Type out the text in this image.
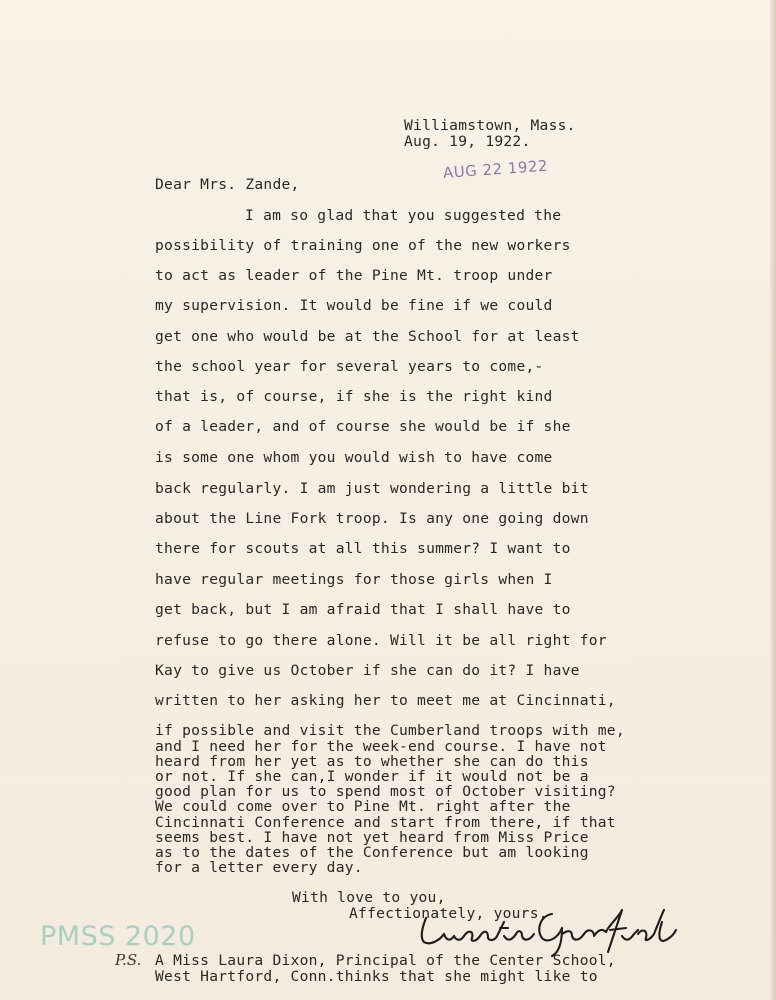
Williamstown, Mass.
Aug. 19, 1922.
AUG 22 1922
Dear Mrs. Zande,
I am so glad that you suggested the
possibility of training one of the new workers
to act as leader of the Pine Mt. troop under
my supervision. It would be fine if we could
get one who would be at the School for at least
the school year for several years to come,-
that is, of course, if she is the right kind
of a leader, and of course she would be if she
is some one whom you would wish to have come
back regularly. I am just wondering a little bit
about the Line Fork troop. Is any one going down
there for scouts at all this summer? I want to
have regular meetings for those girls when I
get back, but I am afraid that I shall have to
refuse to go there alone. Will it be all right for
Kay to give us October if she can do it? I have
written to her asking her to meet me at Cincinnati,
if possible and visit the Cumberland troops with me,
and I need her for the week-end course. I have not
heard from her yet as to whether she can do this
or not. If she can,I wonder if it would not be a
good plan for us to spend most of October visiting?
We could come over to Pine Mt. right after the
Cincinnati Conference and start from there, if that
seems best. I have not yet heard from Miss Price
as to the dates of the Conference but am looking
for a letter every day.
With love to you,
Affectionately, yours,
PMSS 2020
P.S. A Miss Laura Dixon, Principal of the Center School,
West Hartford, Conn.thinks that she might like to
